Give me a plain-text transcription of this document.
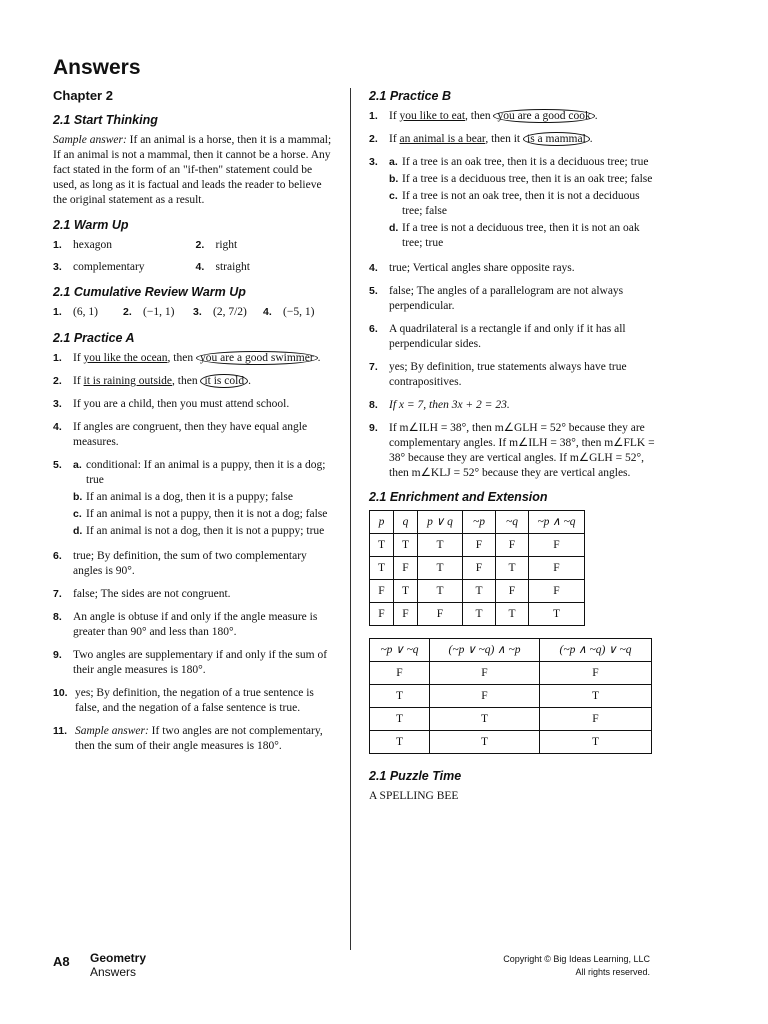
Answers
Chapter 2
2.1 Start Thinking
Sample answer: If an animal is a horse, then it is a mammal; If an animal is not a mammal, then it cannot be a horse. Any fact stated in the form of an "if-then" statement could be used, as long as it is factual and leads the reader to believe the original statement as a result.
2.1 Warm Up
1. hexagon	2. right
3. complementary	4. straight
2.1 Cumulative Review Warm Up
1. (6, 1) 2. (−1, 1) 3. (2, 7/2) 4. (−5, 1)
2.1 Practice A
1. If you like the ocean, then you are a good swimmer .
2. If it is raining outside, then it is cold .
3. If you are a child, then you must attend school.
4. If angles are congruent, then they have equal angle measures.
5.	a. conditional: If an animal is a puppy, then it is a dog; true
b. If an animal is a dog, then it is a puppy; false
c. If an animal is not a puppy, then it is not a dog; false
d. If an animal is not a dog, then it is not a puppy; true
6. true; By definition, the sum of two complementary angles is 90°.
7. false; The sides are not congruent.
8. An angle is obtuse if and only if the angle measure is greater than 90° and less than 180°.
9. Two angles are supplementary if and only if the sum of their angle measures is 180°.
10. yes; By definition, the negation of a true sentence is false, and the negation of a false sentence is true.
11. Sample answer: If two angles are not complementary, then the sum of their angle measures is 180°.
2.1 Practice B
1. If you like to eat, then you are a good cook .
2. If an animal is a bear, then it is a mammal .
3.	a. If a tree is an oak tree, then it is a deciduous tree; true
b. If a tree is a deciduous tree, then it is an oak tree; false
c. If a tree is not an oak tree, then it is not a deciduous tree; false
d. If a tree is not a deciduous tree, then it is not an oak tree; true
4. true; Vertical angles share opposite rays.
5. false; The angles of a parallelogram are not always perpendicular.
6. A quadrilateral is a rectangle if and only if it has all perpendicular sides.
7. yes; By definition, true statements always have true contrapositives.
8. If x = 7, then 3x + 2 = 23.
9. If m∠ILH = 38°, then m∠GLH = 52° because they are complementary angles. If m∠ILH = 38°, then m∠FLK = 38° because they are vertical angles. If m∠GLH = 52°, then m∠KLJ = 52° because they are vertical angles.
2.1 Enrichment and Extension
p	q	p ∨ q	~p	~q	~p ∧ ~q
T	T	T	F	F	F
T	F	T	F	T	F
F	T	T	T	F	F
F	F	F	T	T	T
~p ∨ ~q	(~p ∨ ~q) ∧ ~p	(~p ∧ ~q) ∨ ~q
F	F	F
T	F	T
T	T	F
T	T	T
2.1 Puzzle Time
A SPELLING BEE
A8	Geometry
Answers
Copyright © Big Ideas Learning, LLC
All rights reserved.
